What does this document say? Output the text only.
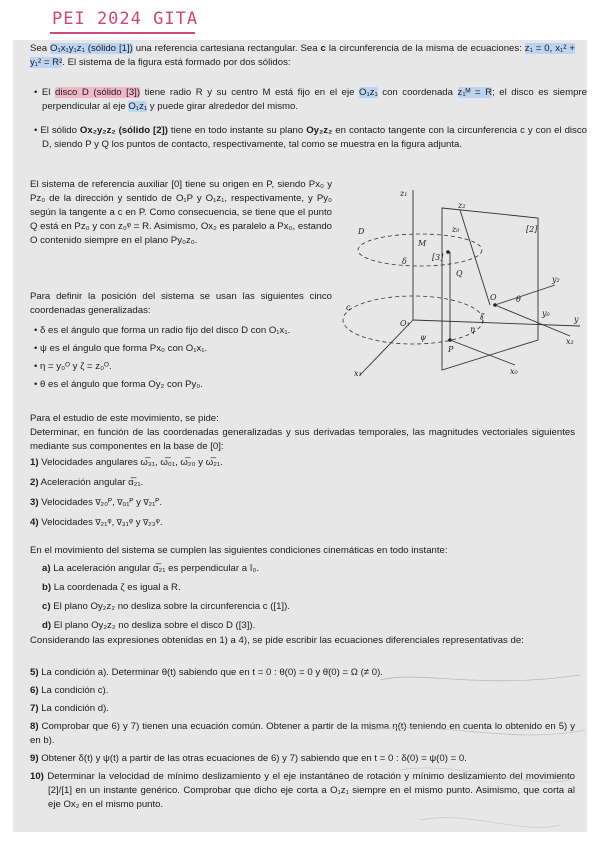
PEI 2024 GITA
Sea O₁x₁y₁z₁ (sólido [1]) una referencia cartesiana rectangular. Sea c la circunferencia de la misma de ecuaciones: z₁ = 0, x₁² + y₁² = R². El sistema de la figura está formado por dos sólidos:
• El disco D (sólido [3]) tiene radio R y su centro M está fijo en el eje O₁z₁ con coordenada z₁ᴹ = R; el disco es siempre perpendicular al eje O₁z₁ y puede girar alrededor del mismo.
• El sólido Ox₂y₂z₂ (sólido [2]) tiene en todo instante su plano Oy₂z₂ en contacto tangente con la circunferencia c y con el disco D, siendo P y Q los puntos de contacto, respectivamente, tal como se muestra en la figura adjunta.
El sistema de referencia auxiliar [0] tiene su origen en P, siendo Px₀ y Pz₀ de la dirección y sentido de O₁P y O₁z₁, respectivamente, y Py₀ según la tangente a c en P. Como consecuencia, se tiene que el punto Q está en Pz₀ y con z₀ᵠ = R. Asimismo, Ox₂ es paralelo a Px₀, estando O contenido siempre en el plano Py₀z₀.
Para definir la posición del sistema se usan las siguientes cinco coordenadas generalizadas:
• δ es el ángulo que forma un radio fijo del disco D con O₁x₁.
• ψ es el ángulo que forma Px₀ con O₁x₁.
• η = y₀ᴼ y ζ = z₀ᴼ.
• θ es el ángulo que forma Oy₂ con Py₀.
z₁
D
M
[3]
c
[2]
z₂
Q
P
O₁
ψ
y
x₁	x₀
O
y₂
x₂
θ
η
ζ	y₀
z₀
δ
Para el estudio de este movimiento, se pide:
Determinar, en función de las coordenadas generalizadas y sus derivadas temporales, las magnitudes vectoriales siguientes mediante sus componentes en la base de [0]:
1) Velocidades angulares ω̅₃₁, ω̅₀₁, ω̅₂₀ y ω̅₂₁.
2) Aceleración angular α̅₂₁.
3) Velocidades v̅₂₀ᴾ, v̅₀₁ᴾ y v̅₂₁ᴾ.
4) Velocidades v̅₂₁ᵠ, v̅₃₁ᵠ y v̅₂₃ᵠ.
En el movimiento del sistema se cumplen las siguientes condiciones cinemáticas en todo instante:
a) La aceleración angular α̅₂₁ es perpendicular a î₀.
b) La coordenada ζ es igual a R.
c) El plano Oy₂z₂ no desliza sobre la circunferencia c ([1]).
d) El plano Oy₂z₂ no desliza sobre el disco D ([3]).
Considerando las expresiones obtenidas en 1) a 4), se pide escribir las ecuaciones diferenciales representativas de:
5) La condición a). Determinar θ(t) sabiendo que en t = 0 : θ(0) = 0 y θ̇(0) = Ω (≠ 0).
6) La condición c).
7) La condición d).
8) Comprobar que 6) y 7) tienen una ecuación común. Obtener a partir de la misma η(t) teniendo en cuenta lo obtenido en 5) y en b).
9) Obtener δ(t) y ψ(t) a partir de las otras ecuaciones de 6) y 7) sabiendo que en t = 0 : δ(0) = ψ(0) = 0.
10) Determinar la velocidad de mínimo deslizamiento y el eje instantáneo de rotación y mínimo deslizamiento del movimiento [2]/[1] en un instante genérico. Comprobar que dicho eje corta a O₁z₁ siempre en el mismo punto. Asimismo, que corta al eje Ox₂ en el mismo punto.
